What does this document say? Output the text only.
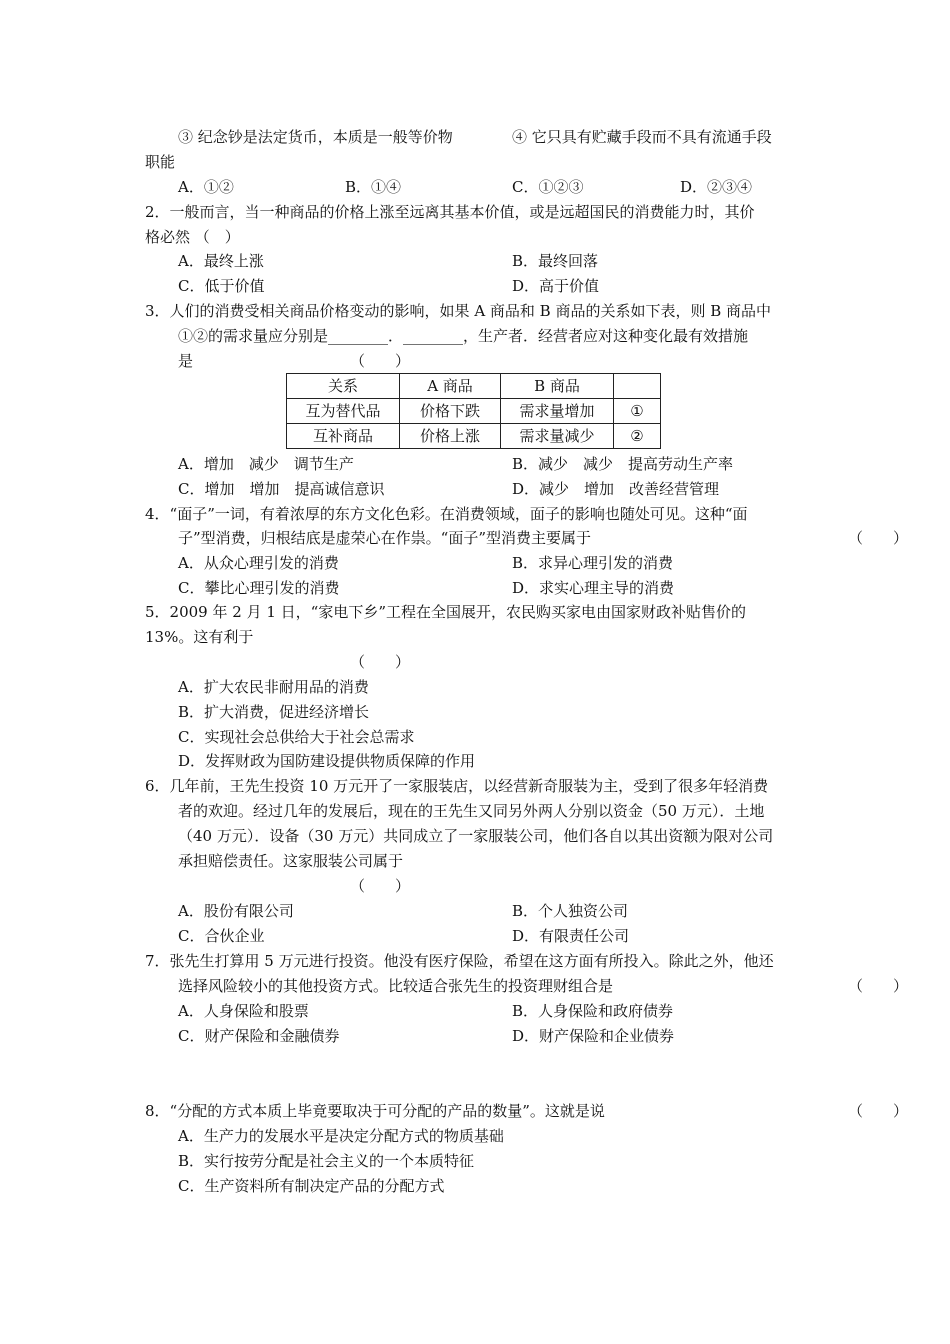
③ 纪念钞是法定货币，本质是一般等价物	④ 它只具有贮藏手段而不具有流通手段
职能
A．①②	B．①④	C．①②③	D．②③④
2．一般而言，当一种商品的价格上涨至远离其基本价值，或是远超国民的消费能力时，其价
格必然 （　）
A．最终上涨	B．最终回落
C．低于价值	D．高于价值
3．人们的消费受相关商品价格变动的影响，如果 A 商品和 B 商品的关系如下表，则 B 商品中
①②的需求量应分别是________．________，生产者．经营者应对这种变化最有效措施
是	（　　）
关系	A 商品	B 商品	
互为替代品	价格下跌	需求量增加	①
互补商品	价格上涨	需求量减少	②
A．增加　减少　调节生产	B．减少　减少　提高劳动生产率
C．增加　增加　提高诚信意识	D．减少　增加　改善经营管理
4．“面子”一词，有着浓厚的东方文化色彩。在消费领域，面子的影响也随处可见。这种“面
子”型消费，归根结底是虚荣心在作祟。“面子”型消费主要属于	（　　）
A．从众心理引发的消费	B．求异心理引发的消费
C．攀比心理引发的消费	D．求实心理主导的消费
5．2009 年 2 月 1 日，“家电下乡”工程在全国展开，农民购买家电由国家财政补贴售价的
13%。这有利于
（　　）
A．扩大农民非耐用品的消费
B．扩大消费，促进经济增长
C．实现社会总供给大于社会总需求
D．发挥财政为国防建设提供物质保障的作用
6．几年前，王先生投资 10 万元开了一家服装店，以经营新奇服装为主，受到了很多年轻消费
者的欢迎。经过几年的发展后，现在的王先生又同另外两人分别以资金（50 万元）．土地
（40 万元）．设备（30 万元）共同成立了一家服装公司，他们各自以其出资额为限对公司
承担赔偿责任。这家服装公司属于
（　　）
A．股份有限公司	B．个人独资公司
C．合伙企业	D．有限责任公司
7．张先生打算用 5 万元进行投资。他没有医疗保险，希望在这方面有所投入。除此之外，他还
选择风险较小的其他投资方式。比较适合张先生的投资理财组合是	（　　）
A．人身保险和股票	B．人身保险和政府债券
C．财产保险和金融债券	D．财产保险和企业债券
8．“分配的方式本质上毕竟要取决于可分配的产品的数量”。这就是说	（　　）
A．生产力的发展水平是决定分配方式的物质基础
B．实行按劳分配是社会主义的一个本质特征
C．生产资料所有制决定产品的分配方式
